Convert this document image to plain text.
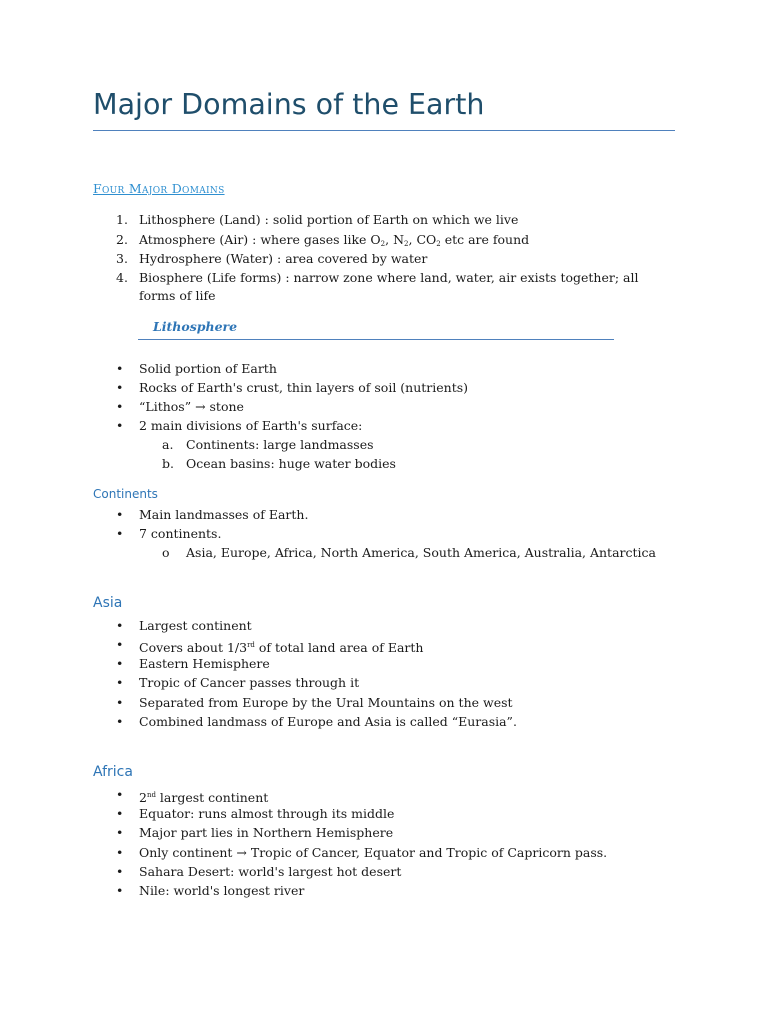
Major Domains of the Earth
Four Major Domains
1. Lithosphere (Land) : solid portion of Earth on which we live
2. Atmosphere (Air) : where gases like $O_2$, $N_2$, $CO_2$ etc are found
3. Hydrosphere (Water) : area covered by water
4. Biosphere (Life forms) : narrow zone where land, water, air exists together; all forms of life
Lithosphere
•	Solid portion of Earth
•	Rocks of Earth's crust, thin layers of soil (nutrients)
•	“Lithos” → stone
•	2 main divisions of Earth's surface:
a.	Continents: large landmasses
b. Ocean basins: huge water bodies
Continents
•	Main landmasses of Earth.
•	7 continents.
o	Asia, Europe, Africa, North America, South America, Australia, Antarctica
Asia
•	Largest continent
•	Covers about 1/3rd of total land area of Earth
•	Eastern Hemisphere
•	Tropic of Cancer passes through it
•	Separated from Europe by the Ural Mountains on the west
•	Combined landmass of Europe and Asia is called “Eurasia”.
Africa
•	2nd largest continent
•	Equator: runs almost through its middle
•	Major part lies in Northern Hemisphere
•	Only continent → Tropic of Cancer, Equator and Tropic of Capricorn pass.
•	Sahara Desert: world's largest hot desert
•	Nile: world's longest river
